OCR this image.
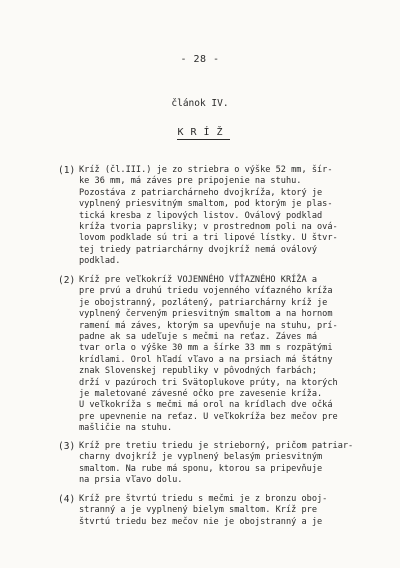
- 28 -
článok IV.
KRÍŽ
(1) Kríž (čl.III.) je zo striebra o výške 52 mm, šír-
ke 36 mm, má záves pre pripojenie na stuhu.
Pozostáva z patriarchárneho dvojkríža, ktorý je
vyplnený priesvitným smaltom, pod ktorým je plas-
tická kresba z lipových listov. Oválový podklad
kríža tvoria paprsliky; v prostrednom poli na ová-
lovom podklade sú tri a tri lipové lístky. U štvr-
tej triedy patriarchárny dvojkríž nemá oválový
podklad.
(2) Kríž pre veľkokríž VOJENNÉHO VÍŤAZNÉHO KRÍŽA a
pre prvú a druhú triedu vojenného víťazného kríža
je obojstranný, pozlátený, patriarchárny kríž je
vyplnený červeným priesvitným smaltom a na hornom
ramení má záves, ktorým sa upevňuje na stuhu, prí-
padne ak sa udeľuje s mečmi na reťaz. Záves má
tvar orla o výške 30 mm a šírke 33 mm s rozpätými
krídlami. Orol hľadí vľavo a na prsiach má štátny
znak Slovenskej republiky v pôvodných farbách;
drží v pazúroch tri Svätoplukove prúty, na ktorých
je maletované závesné očko pre zavesenie kríža.
U veľkokríža s mečmi má orol na krídlach dve očká
pre upevnenie na reťaz. U veľkokríža bez mečov pre
mašličie na stuhu.
(3) Kríž pre tretiu triedu je strieborný, pričom patriar-
charny dvojkríž je vyplnený belasým priesvitným
smaltom. Na rube má sponu, ktorou sa pripevňuje
na prsia vľavo dolu.
(4) Kríž pre štvrtú triedu s mečmi je z bronzu oboj-
stranný a je vyplnený bielym smaltom. Kríž pre
štvrtú triedu bez mečov nie je obojstranný a je
